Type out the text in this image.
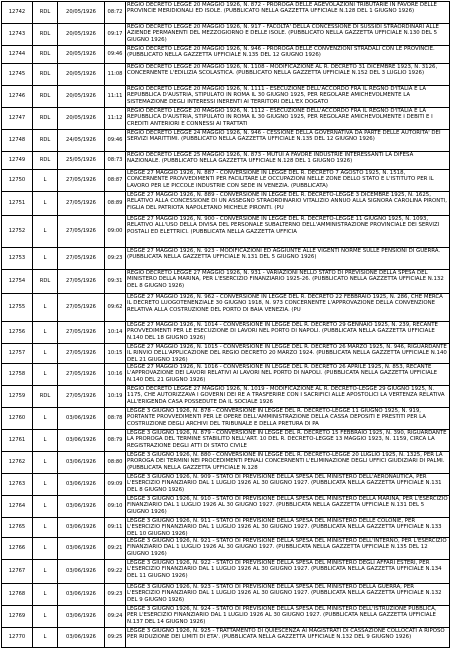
12742	RDL	20/05/1926	08:72	REGIO DECRETO LEGGE 20 MAGGIO 1926, N. 872 - PROROGA DELLE AGEVOLAZIONI TRIBUTARIE IN FAVORE DELLE PROVINCIE MERIDIONALI ED ISOLE. (PUBBLICATO NELLA GAZZETTA UFFICIALE N.128 DEL 1 GIUGNO 1926)
12743	RDL	20/05/1926	09:17	REGIO DECRETO LEGGE 20 MAGGIO 1926, N. 917 - FACOLTA' DELLA CONCESSIONE DI SUSSIDI STRAORDINARI ALLE AZIENDE PERMANENTI DEL MEZZOGIORNO E DELLE ISOLE. (PUBBLICATO NELLA GAZZETTA UFFICIALE N.130 DEL 5 GIUGNO 1926)
12744	RDL	20/05/1926	09:46	REGIO DECRETO LEGGE 20 MAGGIO 1926, N. 946 - PROROGA DELLE CONVENZIONI STRADALI CON LE PROVINCIE. (PUBBLICATO NELLA GAZZETTA UFFICIALE N.135 DEL 12 GIUGNO 1926)
12745	RDL	20/05/1926	11:08	REGIO DECRETO LEGGE 20 MAGGIO 1926, N. 1108 - MODIFICAZIONE AL R. DECRETO 31 DICEMBRE 1923, N. 3126, CONCERNENTE L'EDILIZIA SCOLASTICA. (PUBBLICATO NELLA GAZZETTA UFFICIALE N.152 DEL 3 LUGLIO 1926)
12746	RDL	20/05/1926	11:11	REGIO DECRETO LEGGE 20 MAGGIO 1926, N. 1111 - ESECUZIONE DELL'ACCORDO FRA IL REGNO D'ITALIA E LA REPUBBLICA D'AUSTRIA, STIPULATO IN ROMA IL 30 GIUGNO 1925, PER REGOLARE AMICHEVOLMENTE LA SISTEMAZIONE DEGLI INTERESSI INERENTI AI TERRITORI DELL'EX DOGATO
12747	RDL	20/05/1926	11:12	REGIO DECRETO LEGGE 20 MAGGIO 1926, N. 1112 - ESECUZIONE DELL'ACCORDO FRA IL REGNO D'ITALIA E LA REPUBBLICA D'AUSTRIA, STIPULATO IN ROMA IL 30 GIUGNO 1925, PER REGOLARE AMICHEVOLMENTE I DEBITI E I CREDITI ANTERIORI E CONNESSI AI TRATTATI
12748	RDL	24/05/1926	09:46	REGIO DECRETO LEGGE 24 MAGGIO 1926, N. 946 - CESSIONE DELLA GOVERNATIVA DA PARTE DELLE AUTORITA' DEI SERVIZI MARITTIMI. (PUBBLICATO NELLA GAZZETTA UFFICIALE N.135 DEL 12 GIUGNO 1926)
12749	RDL	25/05/1926	08:73	REGIO DECRETO LEGGE 25 MAGGIO 1926, N. 873 - MUTUI A FAVORE INDUSTRIE INTERESSANTI LA DIFESA NAZIONALE. (PUBBLICATO NELLA GAZZETTA UFFICIALE N.128 DEL 1 GIUGNO 1926)
12750	L	27/05/1926	08:87	LEGGE 27 MAGGIO 1926, N. 887 - CONVERSIONE IN LEGGE DEL R. DECRETO 7 AGOSTO 1925, N. 1518, CONCERNENTE PROVVEDIMENTI PER FACILITARE LE OCCUPAZIONI NELLE ZONE DELLO STATO E L'ISTITUTO PER IL LAVORO PER LE PICCOLE INDUSTRIE CON SEDE IN VENEZIA. (PUBBLICATA)
12751	L	27/05/1926	08:89	LEGGE 27 MAGGIO 1926, N. 889 - CONVERSIONE IN LEGGE DEL R. DECRETO-LEGGE 3 DICEMBRE 1925, N. 1625, RELATIVO ALLA CONCESSIONE DI UN ASSEGNO STRAORDINARIO VITALIZIO ANNUO ALLA SIGNORA CAROLINA PIRONTI, FIGLIA DEL PATRIOTA NAPOLETANO MICHELE PIRONTI. (PU
12752	L	27/05/1926	09:00	LEGGE 27 MAGGIO 1926, N. 900 - CONVERSIONE IN LEGGE DEL R. DECRETO-LEGGE 11 GIUGNO 1925, N. 1093, RELATIVO ALL'USO DELLA DIVISA DEL PERSONALE SUBALTERNO DELL'AMMINISTRAZIONE PROVINCIALE DEI SERVIZI POSTALI ED ELETTRICI. (PUBBLICATA NELLA GAZZETTA UFFICIA
12753	L	27/05/1926	09:23	LEGGE 27 MAGGIO 1926, N. 923 - MODIFICAZIONI ED AGGIUNTE ALLE VIGENTI NORME SULLE PENSIONI DI GUERRA. (PUBBLICATA NELLA GAZZETTA UFFICIALE N.131 DEL 5 GIUGNO 1926)
12754	RDL	27/05/1926	09:31	REGIO DECRETO LEGGE 27 MAGGIO 1926, N. 931 - VARIAZIONI NELLO STATO DI PREVISIONE DELLA SPESA DEL MINISTERO DELLA MARINA, PER L'ESERCIZIO FINANZIARIO 1925-26. (PUBBLICATO NELLA GAZZETTA UFFICIALE N.132 DEL 8 GIUGNO 1926)
12755	L	27/05/1926	09:62	LEGGE 27 MAGGIO 1926, N. 962 - CONVERSIONE IN LEGGE DEL R. DECRETO 22 FEBBRAIO 1925, N. 286, CHE MERCA IL DECRETO LUOGOTENENZIALE 30 GIUGNO 1918, N. 973 CONCERNENTE L'APPROVAZIONE DELLA CONVENZIONE RELATIVA ALLA COSTRUZIONE DEL PORTO DI BAIA VENEZIA. (PU
12756	L	27/05/1926	10:14	LEGGE 27 MAGGIO 1926, N. 1014 - CONVERSIONE IN LEGGE DEL R. DECRETO 29 GENNAIO 1925, N. 239, RECANTE PROVVEDIMENTI PER LE ESECUZIONE DI LAVORI NEL PORTO DI NAPOLI. (PUBBLICATA NELLA GAZZETTA UFFICIALE N.140 DEL 18 GIUGNO 1926)
12757	L	27/05/1926	10:15	LEGGE 27 MAGGIO 1926, N. 1015 - CONVERSIONE IN LEGGE DEL R. DECRETO 26 MARZO 1925, N. 946, RIGUARDANTE IL RINVIO DELL'APPLICAZIONE DEL REGIO DECRETO 20 MARZO 1924. (PUBBLICATA NELLA GAZZETTA UFFICIALE N.140 DEL 21 GIUGNO 1926)
12758	L	27/05/1926	10:16	LEGGE 27 MAGGIO 1926, N. 1016 - CONVERSIONE IN LEGGE DEL R. DECRETO 26 APRILE 1925, N. 853, RECANTE L'APPROVAZIONE DEI LAVORI RELATIVI AI LAVORI NEL PORTO DI NAPOLI. (PUBBLICATA NELLA GAZZETTA UFFICIALE N.140 DEL 21 GIUGNO 1926)
12759	RDL	27/05/1926	10:19	REGIO DECRETO LEGGE 27 MAGGIO 1926, N. 1019 - MODIFICAZIONE AL R. DECRETO-LEGGE 29 GIUGNO 1925, N. 1175, CHE AUTORIZZAVA I GOVERNI DEI RE A TRASFERIRE CON I SACRIFICI ALLE APOSTOLICI LA VERTENZA RELATIVA ALL'ERIGENDA CASA POSSEDUTE DA IL SOCIALE 1926
12760	L	03/06/1926	08:78	LEGGE 3 GIUGNO 1926, N. 878 - CONVERSIONE IN LEGGE DEL R. DECRETO-LEGGE 11 GIUGNO 1925, N. 919, PORTANTE PROVVEDIMENTI PER LE OPERE DELL'AMMINISTRAZIONE DELLA CASSA DEPOSITI E PRESTITI PER LA COSTRUZIONE DEGLI ARCHIVI DEL TRIBUNALE E DELLA PRETURA DI PA
12761	L	03/06/1926	08:79	LEGGE 3 GIUGNO 1926, N. 879 - CONVERSIONE IN LEGGE DEL R. DECRETO 15 FEBBRAIO 1925, N. 390, RIGUARDANTE LA PROROGA DEL TERMINE STABILITO NELL'ART. 10 DEL R. DECRETO-LEGGE 13 MAGGIO 1923, N. 1159, CIRCA LA REGISTRAZIONE DEGLI ATTI DI STATO CIVILE
12762	L	03/06/1926	08:80	LEGGE 3 GIUGNO 1926, N. 880 - CONVERSIONE IN LEGGE DEL R. DECRETO-LEGGE 20 LUGLIO 1925, N. 1325, PER LA PROROGA DEI TERMINI NEI PROCEDIMENTI PENALI CONCERNENTI L'ELIMINAZIONE DEGLI UFFICI GIUDIZIARI DI PALMI. (PUBBLICATA NELLA GAZZETTA UFFICIALE N.128
12763	L	03/06/1926	09:09	LEGGE 3 GIUGNO 1926, N. 909 - STATO DI PREVISIONE DELLA SPESA DEL MINISTERO DELL'AERONAUTICA, PER L'ESERCIZIO FINANZIARIO DAL 1 LUGLIO 1926 AL 30 GIUGNO 1927. (PUBBLICATA NELLA GAZZETTA UFFICIALE N.131 DEL 8 GIUGNO 1926)
12764	L	03/06/1926	09:10	LEGGE 3 GIUGNO 1926, N. 910 - STATO DI PREVISIONE DELLA SPESA DEL MINISTERO DELLA MARINA, PER L'ESERCIZIO FINANZIARIO DAL 1 LUGLIO 1926 AL 30 GIUGNO 1927. (PUBBLICATA NELLA GAZZETTA UFFICIALE N.131 DEL 5 GIUGNO 1926)
12765	L	03/06/1926	09:11	LEGGE 3 GIUGNO 1926, N. 911 - STATO DI PREVISIONE DELLA SPESA DEL MINISTERO DELLE COLONIE, PER L'ESERCIZIO FINANZIARIO DAL 1 LUGLIO 1926 AL 30 GIUGNO 1927. (PUBBLICATA NELLA GAZZETTA UFFICIALE N.133 DEL 10 GIUGNO 1926)
12766	L	03/06/1926	09:21	LEGGE 3 GIUGNO 1926, N. 921 - STATO DI PREVISIONE DELLA SPESA DEL MINISTERO DELL'INTERNO, PER L'ESERCIZIO FINANZIARIO DAL 1 LUGLIO 1926 AL 30 GIUGNO 1927. (PUBBLICATA NELLA GAZZETTA UFFICIALE N.135 DEL 12 GIUGNO 1926)
12767	L	03/06/1926	09:22	LEGGE 3 GIUGNO 1926, N. 922 - STATO DI PREVISIONE DELLA SPESA DEL MINISTERO DEGLI AFFARI ESTERI, PER L'ESERCIZIO FINANZIARIO DAL 1 LUGLIO 1926 AL 30 GIUGNO 1927. (PUBBLICATA NELLA GAZZETTA UFFICIALE N.134 DEL 11 GIUGNO 1926)
12768	L	03/06/1926	09:23	LEGGE 3 GIUGNO 1926, N. 923 - STATO DI PREVISIONE DELLA SPESA DEL MINISTERO DELLA GUERRA, PER L'ESERCIZIO FINANZIARIO DAL 1 LUGLIO 1926 AL 30 GIUGNO 1927. (PUBBLICATA NELLA GAZZETTA UFFICIALE N.132 DEL 9 GIUGNO 1926)
12769	L	03/06/1926	09:24	LEGGE 3 GIUGNO 1926, N. 924 - STATO DI PREVISIONE DELLA SPESA DEL MINISTERO DELL'ISTRUZIONE PUBBLICA, PER L'ESERCIZIO FINANZIARIO DAL 1 LUGLIO 1926 AL 30 GIUGNO 1927. (PUBBLICATA NELLA GAZZETTA UFFICIALE N.137 DEL 14 GIUGNO 1926)
12770	L	03/06/1926	09:25	LEGGE 3 GIUGNO 1926, N. 925 - TRATTAMENTO DI QUIESCENZA AI MAGISTRATI DI CASSAZIONE COLLOCATI A RIPOSO PER RIDUZIONE DEI LIMITI DI ETA'. (PUBBLICATA NELLA GAZZETTA UFFICIALE N.132 DEL 9 GIUGNO 1926)
